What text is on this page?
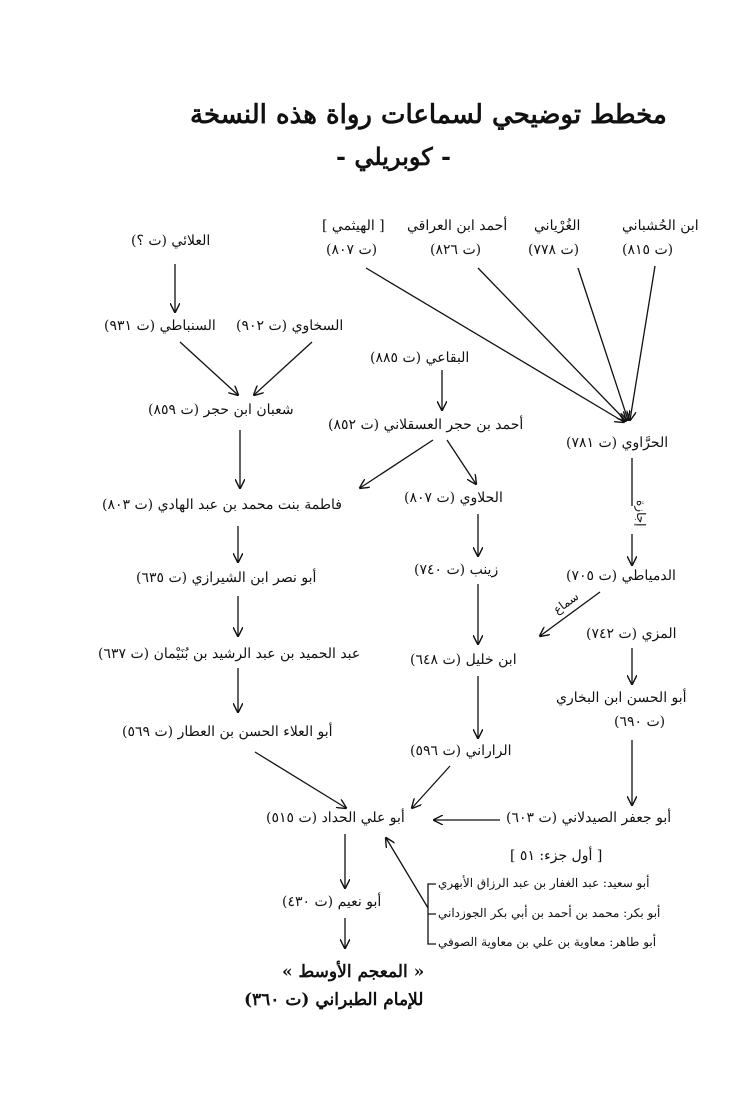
مخطط توضيحي لسماعات رواة هذه النسخة
- كوبريلي -
ابن الحُشباني
(ت ٨١٥)
الغُرْياني
(ت ٧٧٨)
أحمد ابن العراقي
(ت ٨٢٦)
[ الهيثمي ]
(ت ٨٠٧)
العلائي (ت ؟)
السخاوي (ت ٩٠٢)
السنباطي (ت ٩٣١)
البقاعي (ت ٨٨٥)
شعبان ابن حجر (ت ٨٥٩)
أحمد بن حجر العسقلاني (ت ٨٥٢)
الحرَّاوي (ت ٧٨١)
فاطمة بنت محمد بن عبد الهادي (ت ٨٠٣)	الحلاوي (ت ٨٠٧)
إجازة
أبو نصر ابن الشيرازي (ت ٦٣٥)	زينب (ت ٧٤٠)	الدمياطي (ت ٧٠٥)
سماع
عبد الحميد بن عبد الرشيد بن بُنَيْمان (ت ٦٣٧)
المزي (ت ٧٤٢)
ابن خليل (ت ٦٤٨)
أبو الحسن ابن البخاري
(ت ٦٩٠)
أبو العلاء الحسن بن العطار (ت ٥٦٩)
الراراني (ت ٥٩٦)
أبو علي الحداد (ت ٥١٥)	أبو جعفر الصيدلاني (ت ٦٠٣)
[ أول جزء: ٥١ ]
أبو سعيد: عبد الغفار بن عبد الرزاق الأبهري
أبو بكر: محمد بن أحمد بن أبي بكر الجوزداني
أبو طاهر: معاوية بن علي بن معاوية الصوفي
أبو نعيم (ت ٤٣٠)
« المعجم الأوسط »
للإمام الطبراني (ت ٣٦٠)
